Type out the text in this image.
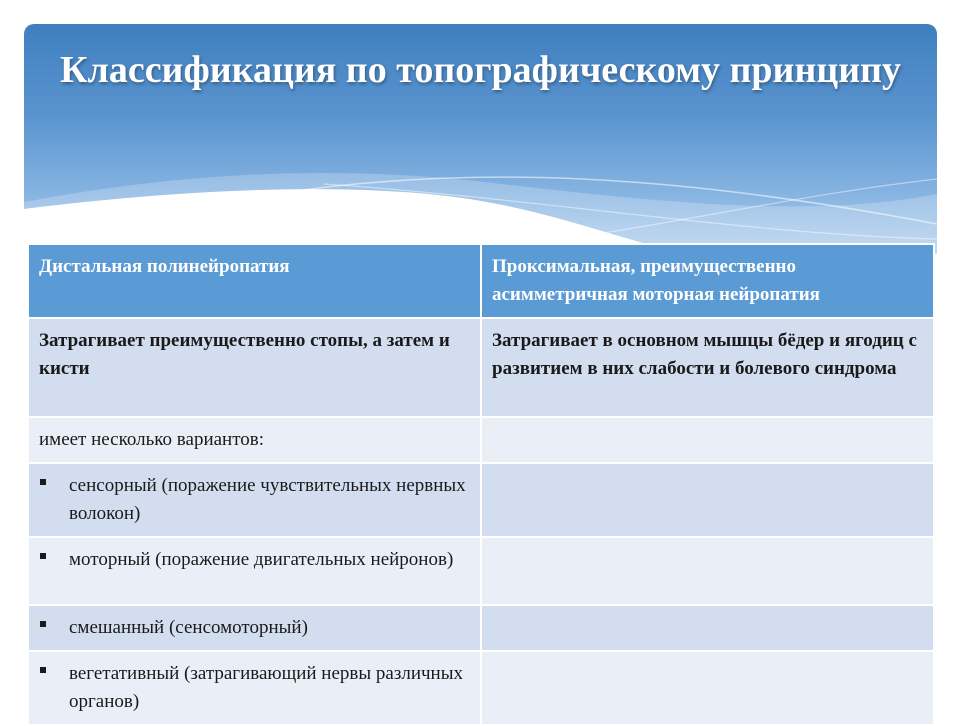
Классификация по топографическому принципу
Дистальная полинейропатия	Проксимальная, преимущественно асимметричная моторная нейропатия
Затрагивает преимущественно стопы, а затем и кисти	Затрагивает в основном мышцы бёдер и ягодиц с развитием в них слабости и болевого синдрома
имеет несколько вариантов:	

сенсорный (поражение чувствительных нервных волокон)	

моторный (поражение двигательных нейронов)	

смешанный (сенсомоторный)	

вегетативный (затрагивающий нервы различных органов)	
